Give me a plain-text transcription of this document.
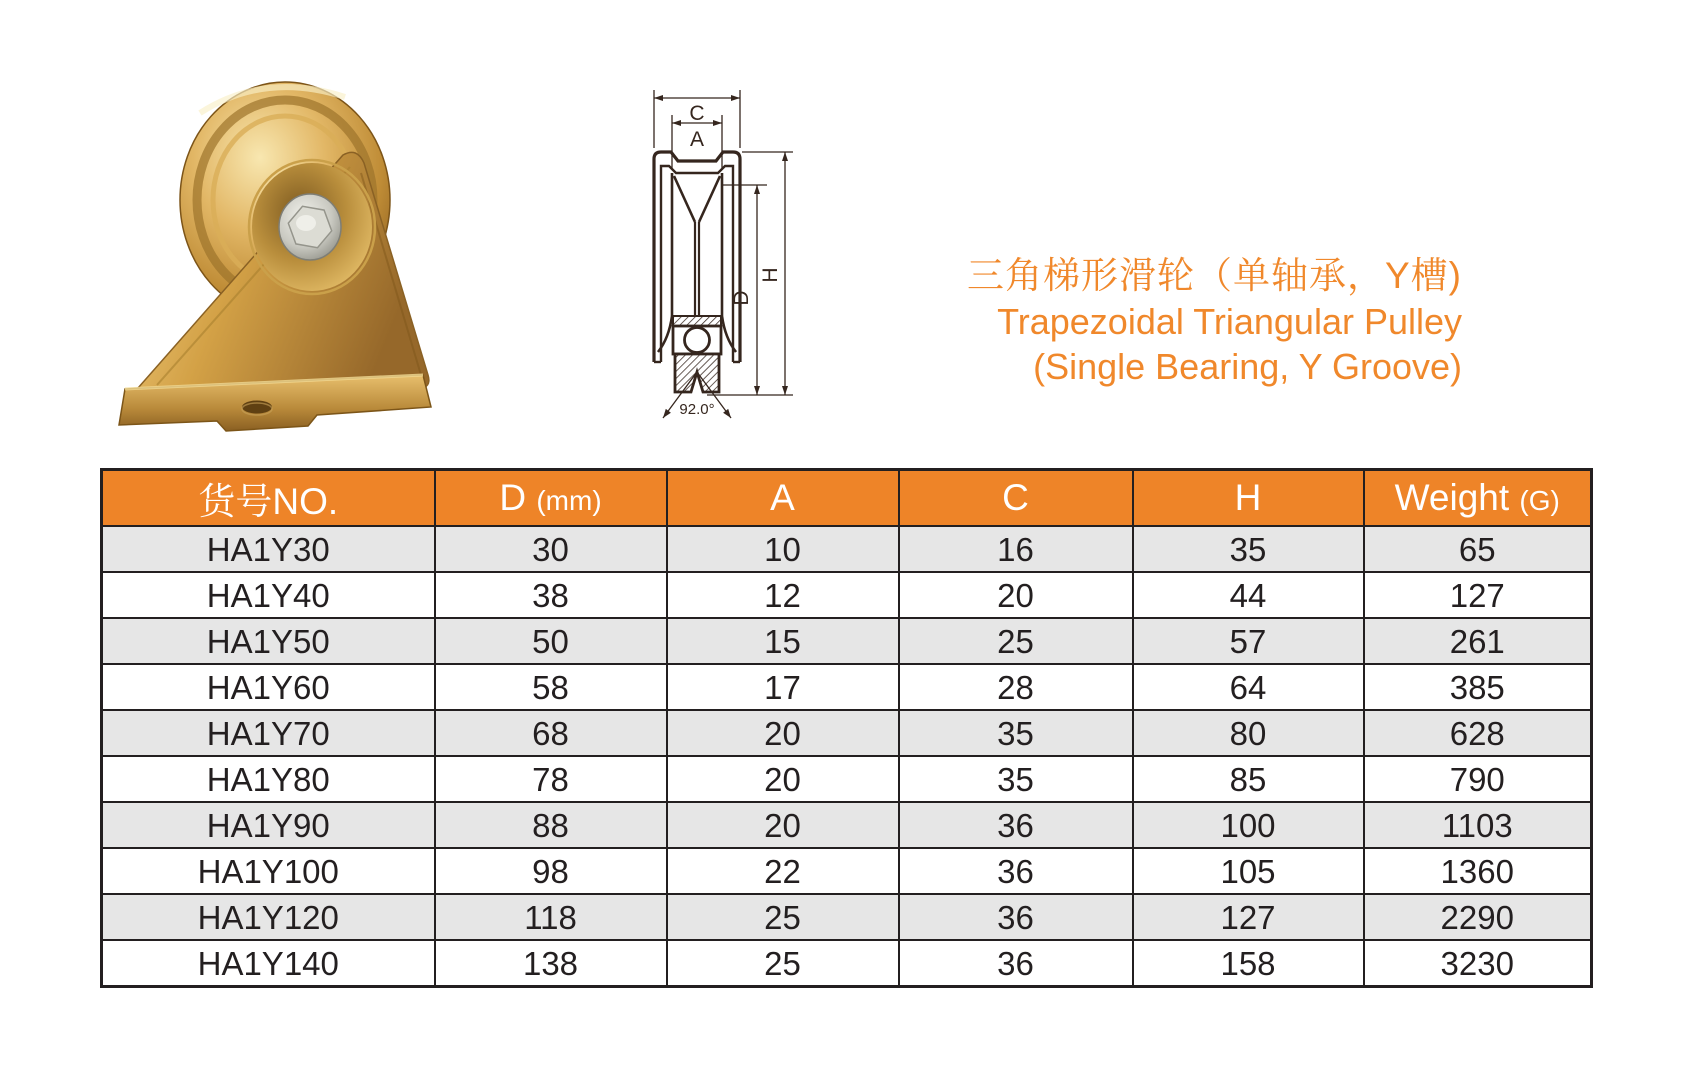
C
A
92.0°
D
H	三角梯形滑轮（单轴承，Y槽)
Trapezoidal Triangular Pulley
(Single Bearing, Y Groove)
货号NO.	D (mm)	A	C	H	Weight (G)
HA1Y30	30	10	16	35	65
HA1Y40	38	12	20	44	127
HA1Y50	50	15	25	57	261
HA1Y60	58	17	28	64	385
HA1Y70	68	20	35	80	628
HA1Y80	78	20	35	85	790
HA1Y90	88	20	36	100	1103
HA1Y100	98	22	36	105	1360
HA1Y120	118	25	36	127	2290
HA1Y140	138	25	36	158	3230
